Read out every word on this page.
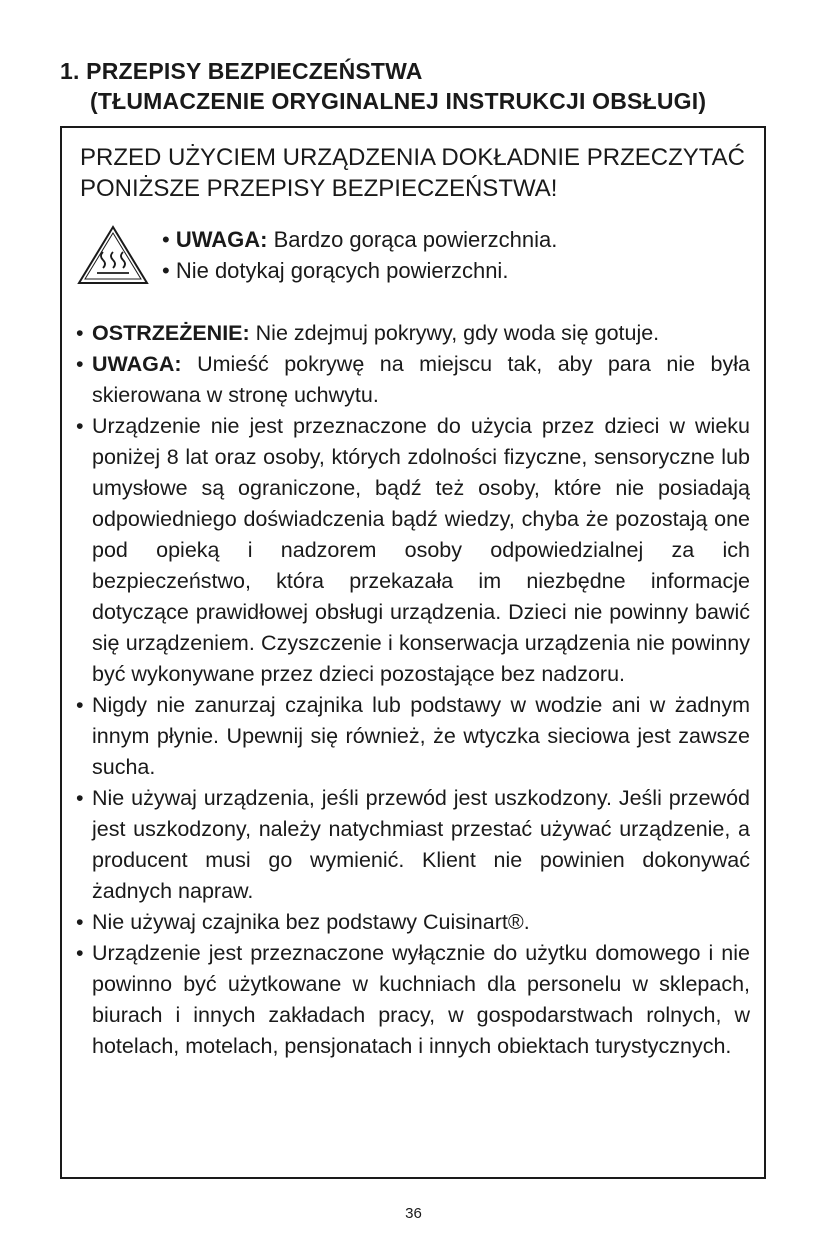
1. PRZEPISY BEZPIECZEŃSTWA
(TŁUMACZENIE ORYGINALNEJ INSTRUKCJI OBSŁUGI)
PRZED UŻYCIEM URZĄDZENIA DOKŁADNIE PRZECZYTAĆ
PONIŻSZE PRZEPISY BEZPIECZEŃSTWA!
• UWAGA: Bardzo gorąca powierzchnia.
• Nie dotykaj gorących powierzchni.
• OSTRZEŻENIE: Nie zdejmuj pokrywy, gdy woda się gotuje.
• UWAGA: Umieść pokrywę na miejscu tak, aby para nie była skierowana w stronę uchwytu.
• Urządzenie nie jest przeznaczone do użycia przez dzieci w wieku poniżej 8 lat oraz osoby, których zdolności fizyczne, sensoryczne lub umysłowe są ograniczone, bądź też osoby, które nie posiadają odpowiedniego doświadczenia bądź wiedzy, chyba że pozostają one pod opieką i nadzorem osoby odpowiedzialnej za ich bezpieczeństwo, która przekazała im niezbędne informacje dotyczące prawidłowej obsługi urządzenia. Dzieci nie powinny bawić się urządzeniem. Czyszczenie i konserwacja urządzenia nie powinny być wykonywane przez dzieci pozostające bez nadzoru.
• Nigdy nie zanurzaj czajnika lub podstawy w wodzie ani w żadnym innym płynie. Upewnij się również, że wtyczka sieciowa jest zawsze sucha.
• Nie używaj urządzenia, jeśli przewód jest uszkodzony. Jeśli przewód jest uszkodzony, należy natychmiast przestać używać urządzenie, a producent musi go wymienić. Klient nie powinien dokonywać żadnych napraw.
• Nie używaj czajnika bez podstawy Cuisinart®.
• Urządzenie jest przeznaczone wyłącznie do użytku domowego i nie powinno być użytkowane w kuchniach dla personelu w sklepach, biurach i innych zakładach pracy, w gospodarstwach rolnych, w hotelach, motelach, pensjonatach i innych obiektach turystycznych.
36
